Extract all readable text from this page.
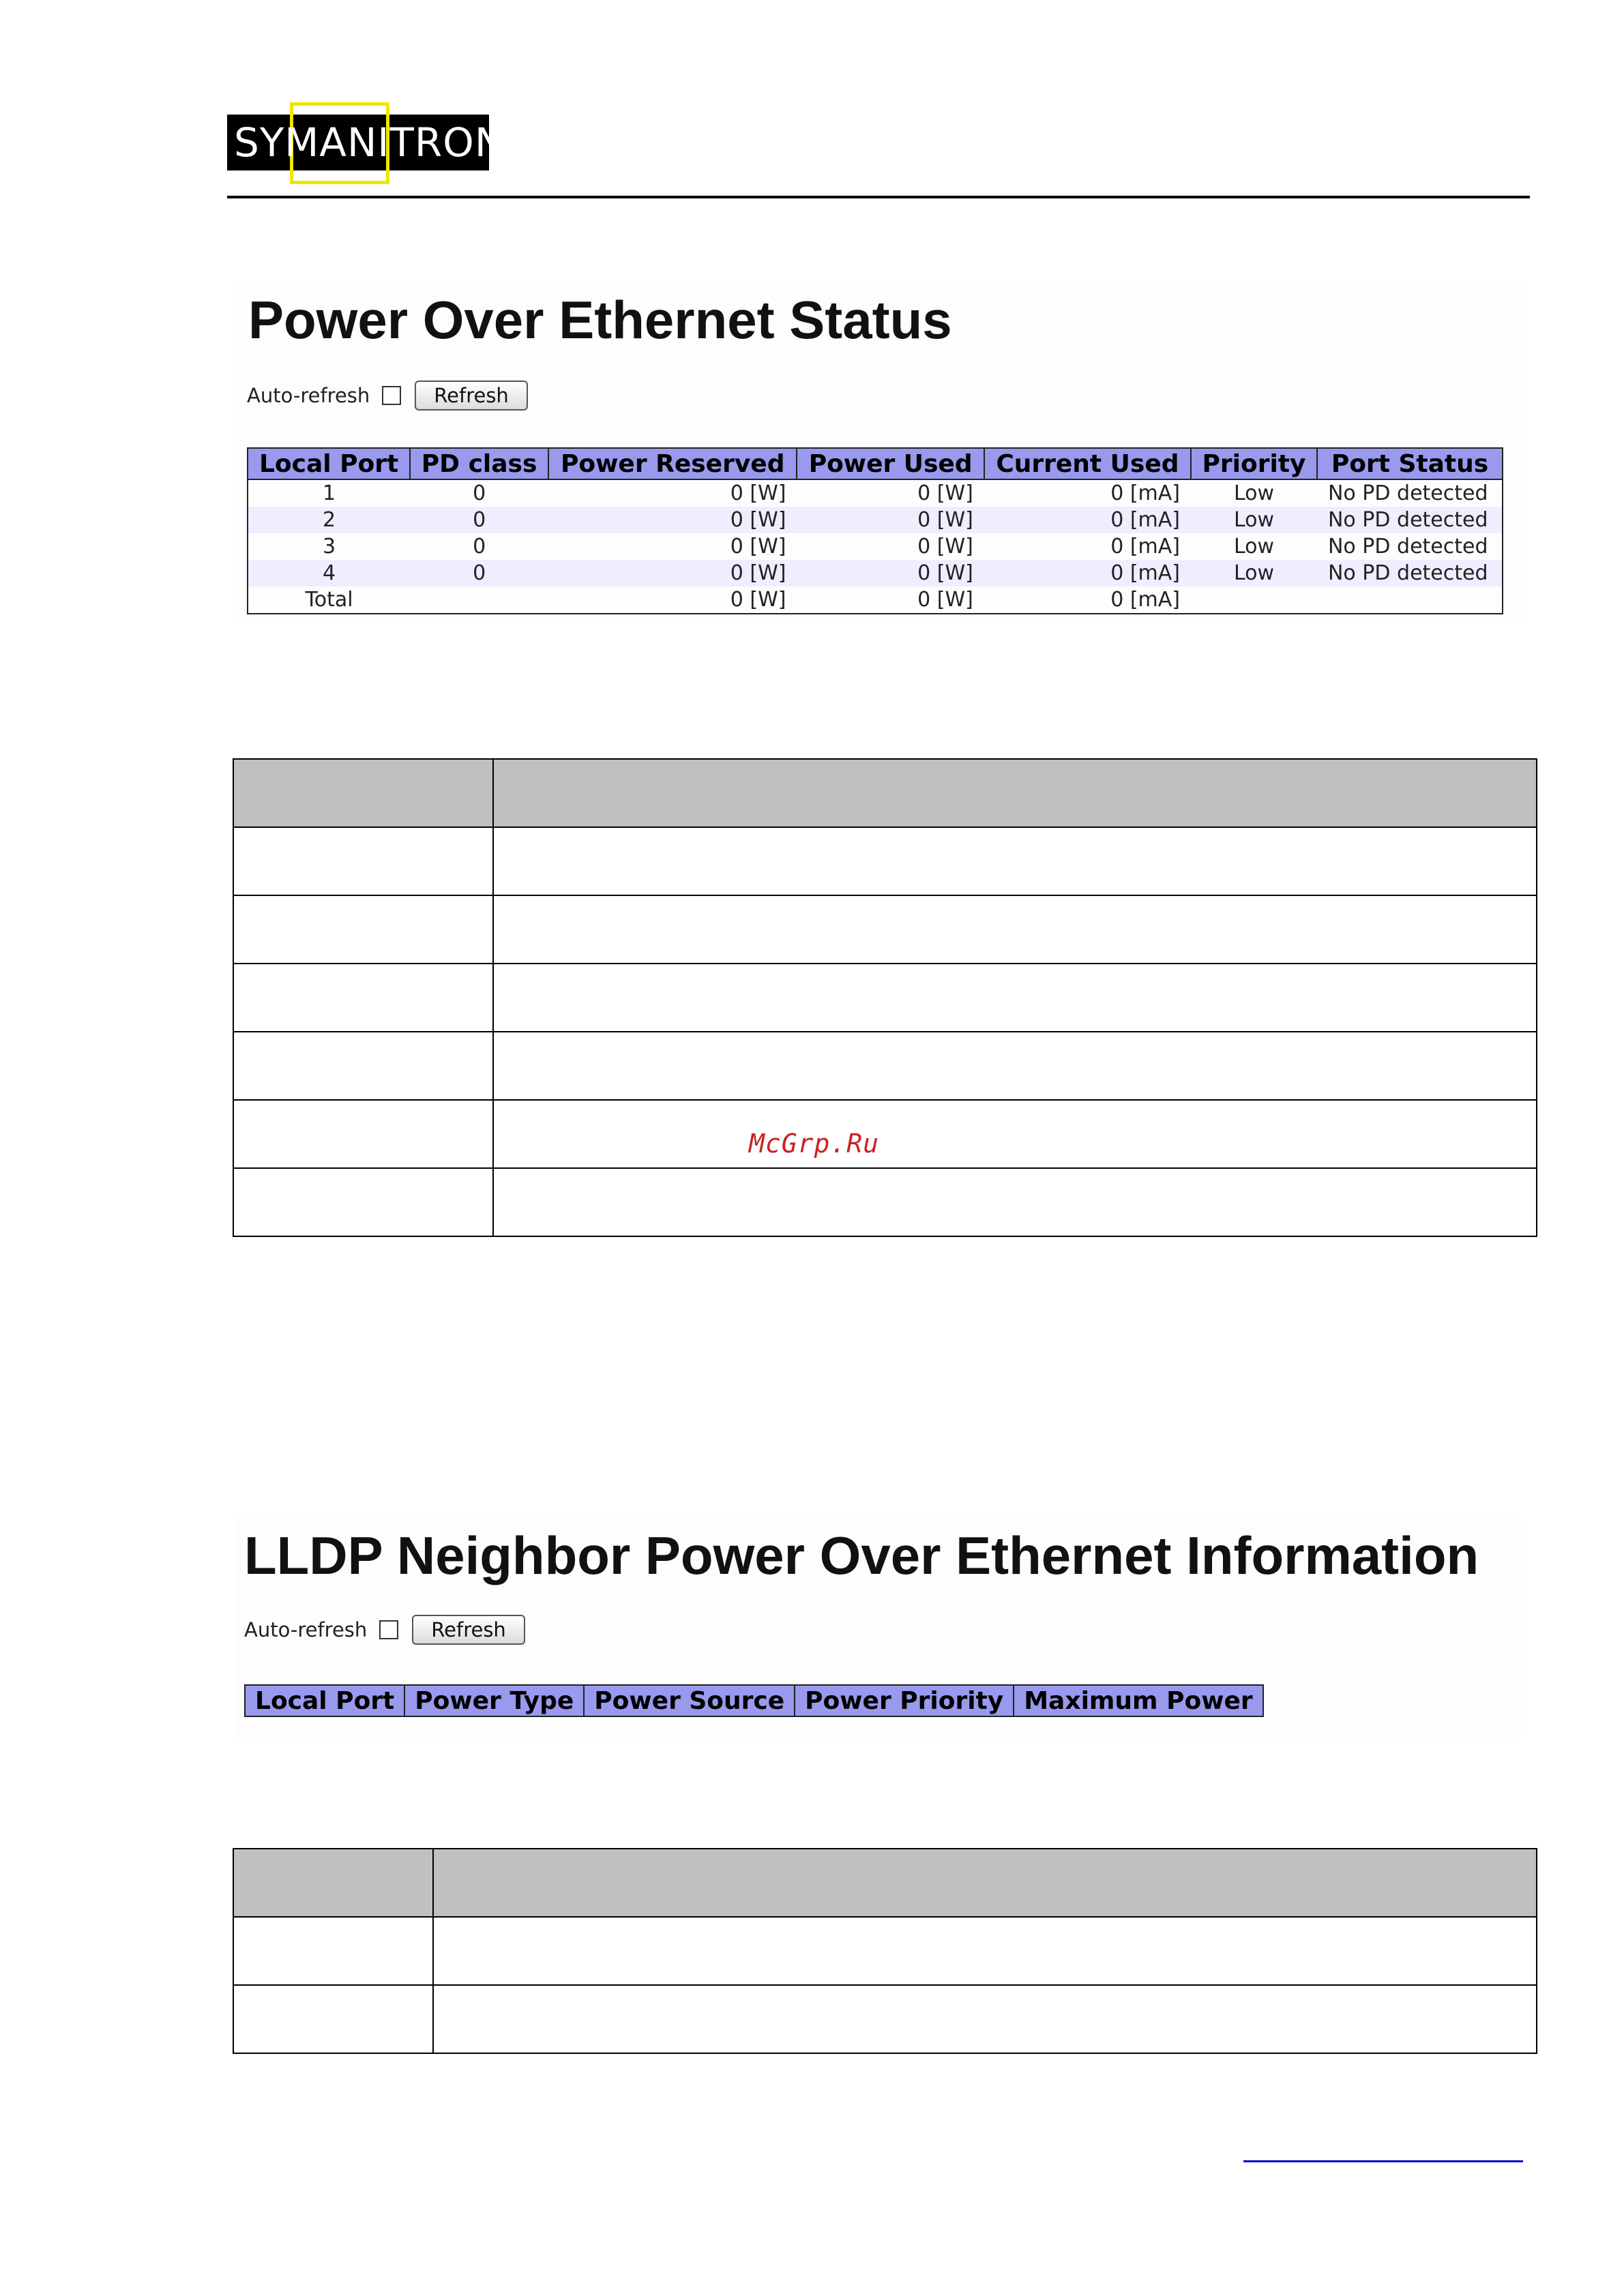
SYMANITRON
Power Over Ethernet Status
Auto-refresh	Refresh
Local Port	PD class	Power Reserved	Power Used	Current Used	Priority	Port Status
1	0	0 [W]	0 [W]	0 [mA]	Low	No PD detected
2	0	0 [W]	0 [W]	0 [mA]	Low	No PD detected
3	0	0 [W]	0 [W]	0 [mA]	Low	No PD detected
4	0	0 [W]	0 [W]	0 [mA]	Low	No PD detected
Total		0 [W]	0 [W]	0 [mA]		

McGrp.Ru
LLDP Neighbor Power Over Ethernet Information
Auto-refresh	Refresh
Local Port	Power Type	Power Source	Power Priority	Maximum Power
